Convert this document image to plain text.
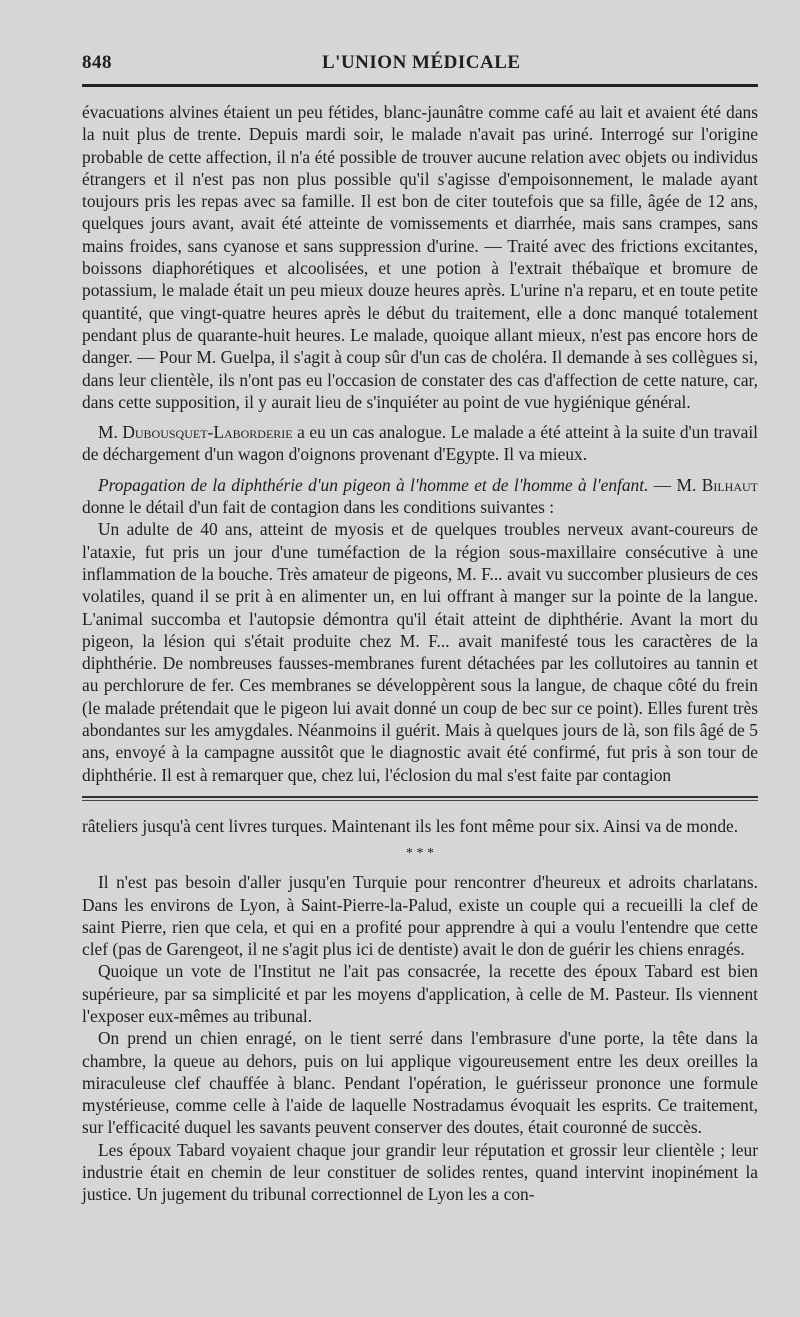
848	L'UNION MÉDICALE

évacuations alvines étaient un peu fétides, blanc-jaunâtre comme café au lait et avaient été dans la nuit plus de trente. Depuis mardi soir, le malade n'avait pas uriné. Interrogé sur l'origine probable de cette affection, il n'a été possible de trouver aucune relation avec objets ou individus étrangers et il n'est pas non plus possible qu'il s'agisse d'empoisonnement, le malade ayant toujours pris les repas avec sa famille. Il est bon de citer toutefois que sa fille, âgée de 12 ans, quelques jours avant, avait été atteinte de vomissements et diarrhée, mais sans crampes, sans mains froides, sans cyanose et sans suppression d'urine. — Traité avec des frictions excitantes, boissons diaphorétiques et alcoolisées, et une potion à l'extrait thébaïque et bromure de potassium, le malade était un peu mieux douze heures après. L'urine n'a reparu, et en toute petite quantité, que vingt-quatre heures après le début du traitement, elle a donc manqué totalement pendant plus de quarante-huit heures. Le malade, quoique allant mieux, n'est pas encore hors de danger. — Pour M. Guelpa, il s'agit à coup sûr d'un cas de choléra. Il demande à ses collègues si, dans leur clientèle, ils n'ont pas eu l'occasion de constater des cas d'affection de cette nature, car, dans cette supposition, il y aurait lieu de s'inquiéter au point de vue hygiénique général.

M. Dubousquet-Laborderie a eu un cas analogue. Le malade a été atteint à la suite d'un travail de déchargement d'un wagon d'oignons provenant d'Egypte. Il va mieux.

Propagation de la diphthérie d'un pigeon à l'homme et de l'homme à l'enfant. — M. Bilhaut donne le détail d'un fait de contagion dans les conditions suivantes :

Un adulte de 40 ans, atteint de myosis et de quelques troubles nerveux avant-coureurs de l'ataxie, fut pris un jour d'une tuméfaction de la région sous-maxillaire consécutive à une inflammation de la bouche. Très amateur de pigeons, M. F... avait vu succomber plusieurs de ces volatiles, quand il se prit à en alimenter un, en lui offrant à manger sur la pointe de la langue. L'animal succomba et l'autopsie démontra qu'il était atteint de diphthérie. Avant la mort du pigeon, la lésion qui s'était produite chez M. F... avait manifesté tous les caractères de la diphthérie. De nombreuses fausses-membranes furent détachées par les collutoires au tannin et au perchlorure de fer. Ces membranes se développèrent sous la langue, de chaque côté du frein (le malade prétendait que le pigeon lui avait donné un coup de bec sur ce point). Elles furent très abondantes sur les amygdales. Néanmoins il guérit. Mais à quelques jours de là, son fils âgé de 5 ans, envoyé à la campagne aussitôt que le diagnostic avait été confirmé, fut pris à son tour de diphthérie. Il est à remarquer que, chez lui, l'éclosion du mal s'est faite par contagion

râteliers jusqu'à cent livres turques. Maintenant ils les font même pour six. Ainsi va de monde.

* * *

Il n'est pas besoin d'aller jusqu'en Turquie pour rencontrer d'heureux et adroits charlatans. Dans les environs de Lyon, à Saint-Pierre-la-Palud, existe un couple qui a recueilli la clef de saint Pierre, rien que cela, et qui en a profité pour apprendre à qui a voulu l'entendre que cette clef (pas de Garengeot, il ne s'agit plus ici de dentiste) avait le don de guérir les chiens enragés.

Quoique un vote de l'Institut ne l'ait pas consacrée, la recette des époux Tabard est bien supérieure, par sa simplicité et par les moyens d'application, à celle de M. Pasteur. Ils viennent l'exposer eux-mêmes au tribunal.

On prend un chien enragé, on le tient serré dans l'embrasure d'une porte, la tête dans la chambre, la queue au dehors, puis on lui applique vigoureusement entre les deux oreilles la miraculeuse clef chauffée à blanc. Pendant l'opération, le guérisseur prononce une formule mystérieuse, comme celle à l'aide de laquelle Nostradamus évoquait les esprits. Ce traitement, sur l'efficacité duquel les savants peuvent conserver des doutes, était couronné de succès.

Les époux Tabard voyaient chaque jour grandir leur réputation et grossir leur clientèle ; leur industrie était en chemin de leur constituer de solides rentes, quand intervint inopinément la justice. Un jugement du tribunal correctionnel de Lyon les a con-
